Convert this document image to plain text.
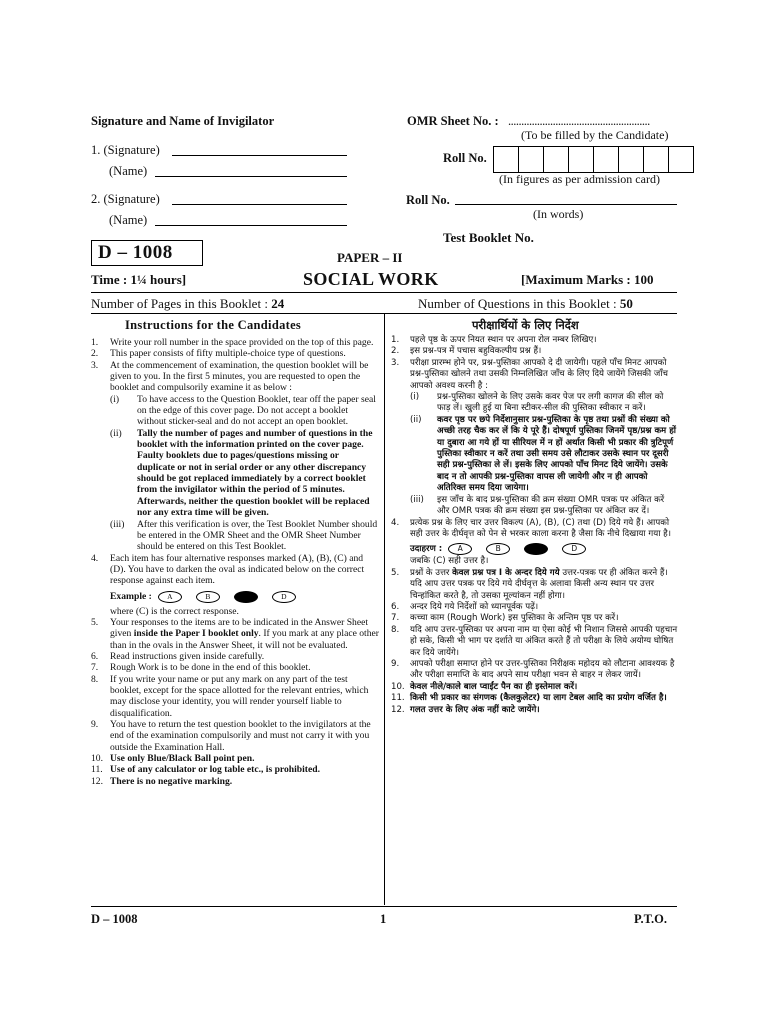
Signature and Name of Invigilator
1. (Signature)
(Name)
2. (Signature)
(Name)
OMR Sheet No. : ......................................................
(To be filled by the Candidate)
Roll No.
(In figures as per admission card)
Roll No.
(In words)
Test Booklet No.
D – 1008	PAPER – II
Time : 1¼ hours]	SOCIAL WORK	[Maximum Marks : 100
Number of Pages in this Booklet : 24	Number of Questions in this Booklet : 50
Instructions for the Candidates
1. Write your roll number in the space provided on the top of this page.
2. This paper consists of fifty multiple-choice type of questions.
3. At the commencement of examination, the question booklet will be given to you. In the first 5 minutes, you are requested to open the booklet and compulsorily examine it as below :
(i) To have access to the Question Booklet, tear off the paper seal on the edge of this cover page. Do not accept a booklet without sticker-seal and do not accept an open booklet.
(ii) Tally the number of pages and number of questions in the booklet with the information printed on the cover page. Faulty booklets due to pages/questions missing or duplicate or not in serial order or any other discrepancy should be got replaced immediately by a correct booklet from the invigilator within the period of 5 minutes. Afterwards, neither the question booklet will be replaced nor any extra time will be given.
(iii) After this verification is over, the Test Booklet Number should be entered in the OMR Sheet and the OMR Sheet Number should be entered on this Test Booklet.
4. Each item has four alternative responses marked (A), (B), (C) and (D). You have to darken the oval as indicated below on the correct response against each item.
Example :	A	B	D
where (C) is the correct response.
5. Your responses to the items are to be indicated in the Answer Sheet given inside the Paper I booklet only. If you mark at any place other than in the ovals in the Answer Sheet, it will not be evaluated.
6. Read instructions given inside carefully.
7. Rough Work is to be done in the end of this booklet.
8. If you write your name or put any mark on any part of the test booklet, except for the space allotted for the relevant entries, which may disclose your identity, you will render yourself liable to disqualification.
9. You have to return the test question booklet to the invigilators at the end of the examination compulsorily and must not carry it with you outside the Examination Hall.
10. Use only Blue/Black Ball point pen.
11. Use of any calculator or log table etc., is prohibited.
12. There is no negative marking.
परीक्षार्थियों के लिए निर्देश
1. पहले पृष्ठ के ऊपर नियत स्थान पर अपना रोल नम्बर लिखिए।
2. इस प्रश्न-पत्र में पचास बहुविकल्पीय प्रश्न हैं।
3. परीक्षा प्रारम्भ होने पर, प्रश्न-पुस्तिका आपको दे दी जायेगी। पहले पाँच मिनट आपको प्रश्न-पुस्तिका खोलने तथा उसकी निम्नलिखित जाँच के लिए दिये जायेंगे जिसकी जाँच आपको अवश्य करनी है :
(i) प्रश्न-पुस्तिका खोलने के लिए उसके कवर पेज पर लगी कागज की सील को फाड़ लें। खुली हुई या बिना स्टीकर-सील की पुस्तिका स्वीकार न करें।
(ii) कवर पृष्ठ पर छपे निर्देशानुसार प्रश्न-पुस्तिका के पृष्ठ तथा प्रश्नों की संख्या को अच्छी तरह चैक कर लें कि ये पूरे हैं। दोषपूर्ण पुस्तिका जिनमें पृष्ठ/प्रश्न कम हों या दुबारा आ गये हों या सीरियल में न हों अर्थात किसी भी प्रकार की त्रुटिपूर्ण पुस्तिका स्वीकार न करें तथा उसी समय उसे लौटाकर उसके स्थान पर दूसरी सही प्रश्न-पुस्तिका ले लें। इसके लिए आपको पाँच मिनट दिये जायेंगे। उसके बाद न तो आपकी प्रश्न-पुस्तिका वापस ली जायेगी और न ही आपको अतिरिक्त समय दिया जायेगा।
(iii) इस जाँच के बाद प्रश्न-पुस्तिका की क्रम संख्या OMR पत्रक पर अंकित करें और OMR पत्रक की क्रम संख्या इस प्रश्न-पुस्तिका पर अंकित कर दें।
4. प्रत्येक प्रश्न के लिए चार उत्तर विकल्प (A), (B), (C) तथा (D) दिये गये हैं। आपको सही उत्तर के दीर्घवृत्त को पेन से भरकर काला करना है जैसा कि नीचे दिखाया गया है।
उदाहरण :	A	B	D
जबकि (C) सही उत्तर है।
5. प्रश्नों के उत्तर केवल प्रश्न पत्र I के अन्दर दिये गये उत्तर-पत्रक पर ही अंकित करने हैं। यदि आप उत्तर पत्रक पर दिये गये दीर्घवृत्त के अलावा किसी अन्य स्थान पर उत्तर चिन्हांकित करते है, तो उसका मूल्यांकन नहीं होगा।
6. अन्दर दिये गये निर्देशों को ध्यानपूर्वक पढ़ें।
7. कच्चा काम (Rough Work) इस पुस्तिका के अन्तिम पृष्ठ पर करें।
8. यदि आप उत्तर-पुस्तिका पर अपना नाम या ऐसा कोई भी निशान जिससे आपकी पहचान हो सके, किसी भी भाग पर दर्शाते या अंकित करते हैं तो परीक्षा के लिये अयोग्य घोषित कर दिये जायेंगे।
9. आपको परीक्षा समाप्त होने पर उत्तर-पुस्तिका निरीक्षक महोदय को लौटाना आवश्यक है और परीक्षा समाप्ति के बाद अपने साथ परीक्षा भवन से बाहर न लेकर जायें।
10. केवल नीले/काले बाल प्वाईंट पैन का ही इस्तेमाल करें।
11. किसी भी प्रकार का संगणक (कैलकुलेटर) या लाग टेबल आदि का प्रयोग वर्जित है।
12. गलत उत्तर के लिए अंक नहीं काटे जायेंगे।
D – 1008	1	P.T.O.
